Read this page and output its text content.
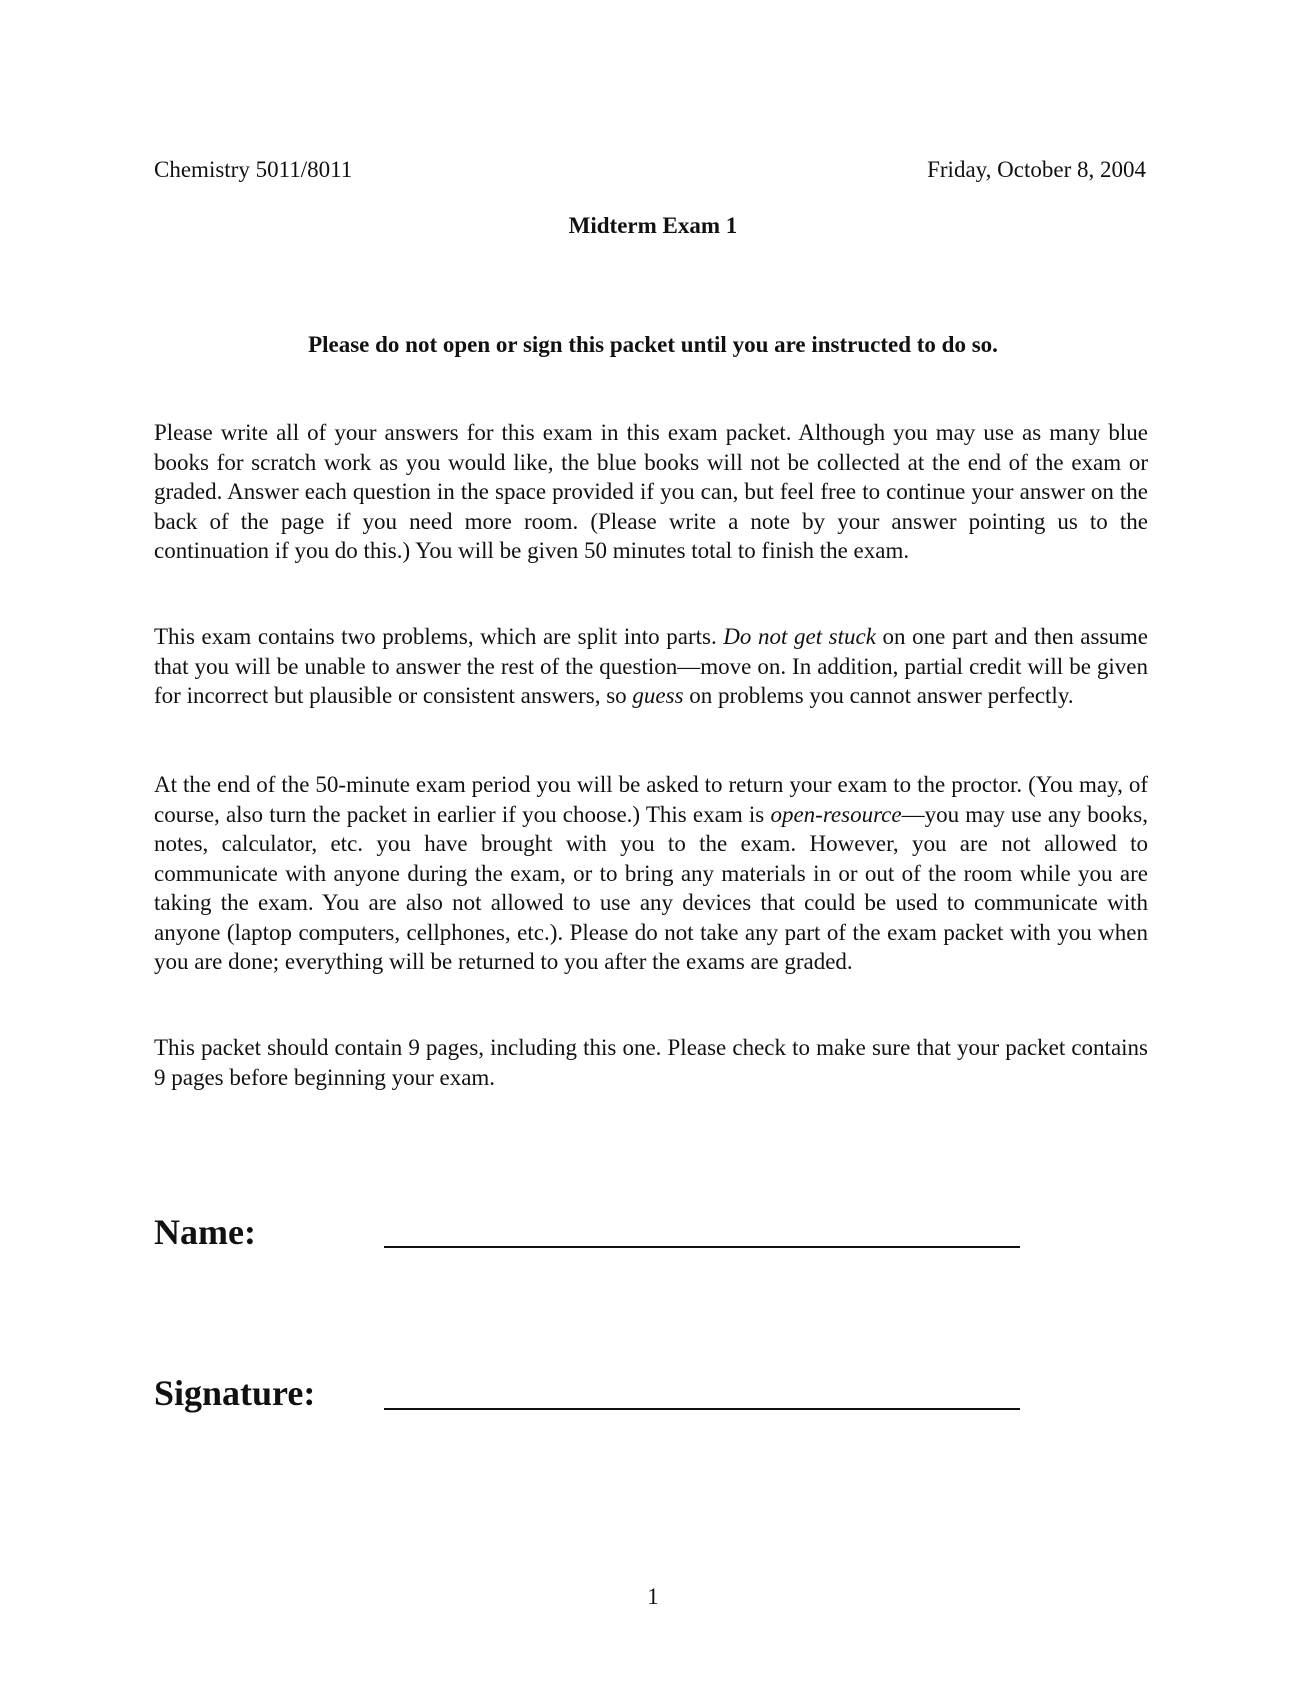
Chemistry 5011/8011	Friday, October 8, 2004
Midterm Exam 1
Please do not open or sign this packet until you are instructed to do so.

Please write all of your answers for this exam in this exam packet. Although you may use as many blue books for scratch work as you would like, the blue books will not be collected at the end of the exam or graded. Answer each question in the space provided if you can, but feel free to continue your answer on the back of the page if you need more room. (Please write a note by your answer pointing us to the continuation if you do this.) You will be given 50 minutes total to finish the exam.

This exam contains two problems, which are split into parts. Do not get stuck on one part and then assume that you will be unable to answer the rest of the question—move on. In addition, partial credit will be given for incorrect but plausible or consistent answers, so guess on problems you cannot answer perfectly.

At the end of the 50-minute exam period you will be asked to return your exam to the proctor. (You may, of course, also turn the packet in earlier if you choose.) This exam is open-resource—you may use any books, notes, calculator, etc. you have brought with you to the exam. However, you are not allowed to communicate with anyone during the exam, or to bring any materials in or out of the room while you are taking the exam. You are also not allowed to use any devices that could be used to communicate with anyone (laptop computers, cellphones, etc.). Please do not take any part of the exam packet with you when you are done; everything will be returned to you after the exams are graded.

This packet should contain 9 pages, including this one. Please check to make sure that your packet contains 9 pages before beginning your exam.

Name:
Signature:
1
